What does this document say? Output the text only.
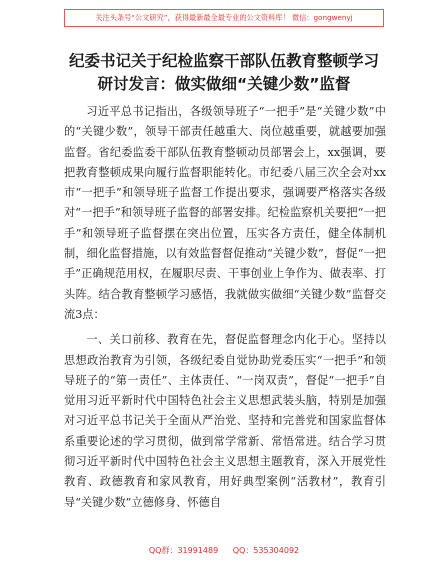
关注头条号“公文研究”，获得最新最全最专业的公文资料库！ 微信：gongwenyj
纪委书记关于纪检监察干部队伍教育整顿学习
研讨发言：做实做细“关键少数”监督

习近平总书记指出，各级领导班子“一把手”是“关键少数”中的“关键少数”，领导干部责任越重大、岗位越重要，就越要加强监督。省纪委监委干部队伍教育整顿动员部署会上，xx强调，要把教育整顿成果向履行监督职能转化。市纪委八届三次全会对xx市“一把手”和领导班子监督工作提出要求，强调要严格落实各级对“一把手”和领导班子监督的部署安排。纪检监察机关要把“一把手”和领导班子监督摆在突出位置，压实各方责任，健全体制机制，细化监督措施，以有效监督督促推动“关键少数”，督促“一把手”正确规范用权，在履职尽责、干事创业上争作为、做表率、打头阵。结合教育整顿学习感悟，我就做实做细“关键少数”监督交流3点：

一、关口前移、教育在先，督促监督理念内化于心。坚持以思想政治教育为引领，各级纪委自觉协助党委压实“一把手”和领导班子的“第一责任”、主体责任、“一岗双责”，督促“一把手”自觉用习近平新时代中国特色社会主义思想武装头脑，特别是加强对习近平总书记关于全面从严治党、坚持和完善党和国家监督体系重要论述的学习贯彻，做到常学常新、常悟常进。结合学习贯彻习近平新时代中国特色社会主义思想主题教育，深入开展党性教育、政德教育和家风教育，用好典型案例“活教材”，教育引导“关键少数”立德修身、怀德自

QQ群：31991489 QQ：535304092
